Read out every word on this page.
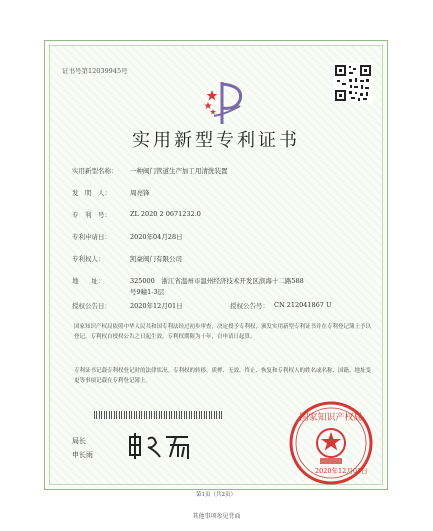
证书号第12039945号
实用新型专利证书
实用新型名称： 一种阀门管道生产加工用清洗装置
发　明　人：	周亮锋
专　利　号：	ZL 2020 2 0671232.0
专利申请日：	2020年04月28日
专利权人：	凯豪阀门有限公司
地　　址：	325000　浙江省温州市温州经济技术开发区滨海十二路588
号9幢1-3层
授权公告日：	2020年12月01日	授权公告号： CN 212041867 U
国家知识产权局依照中华人民共和国专利法经过初步审查，决定授予专利权，颁发实用新型专利证书并在专利登记簿上予以登记。专利权自授权公告之日起生效。专利权期限为十年，自申请日起算。
专利证书记载专利权登记时的法律状况。专利权的转移、质押、无效、终止、恢复和专利权人的姓名或名称、国籍、地址变更等事项记载在专利登记簿上。
局长
申长雨
国家知识产权局
2020年12月01日
第1页（共2页）
其他事项参见背面
